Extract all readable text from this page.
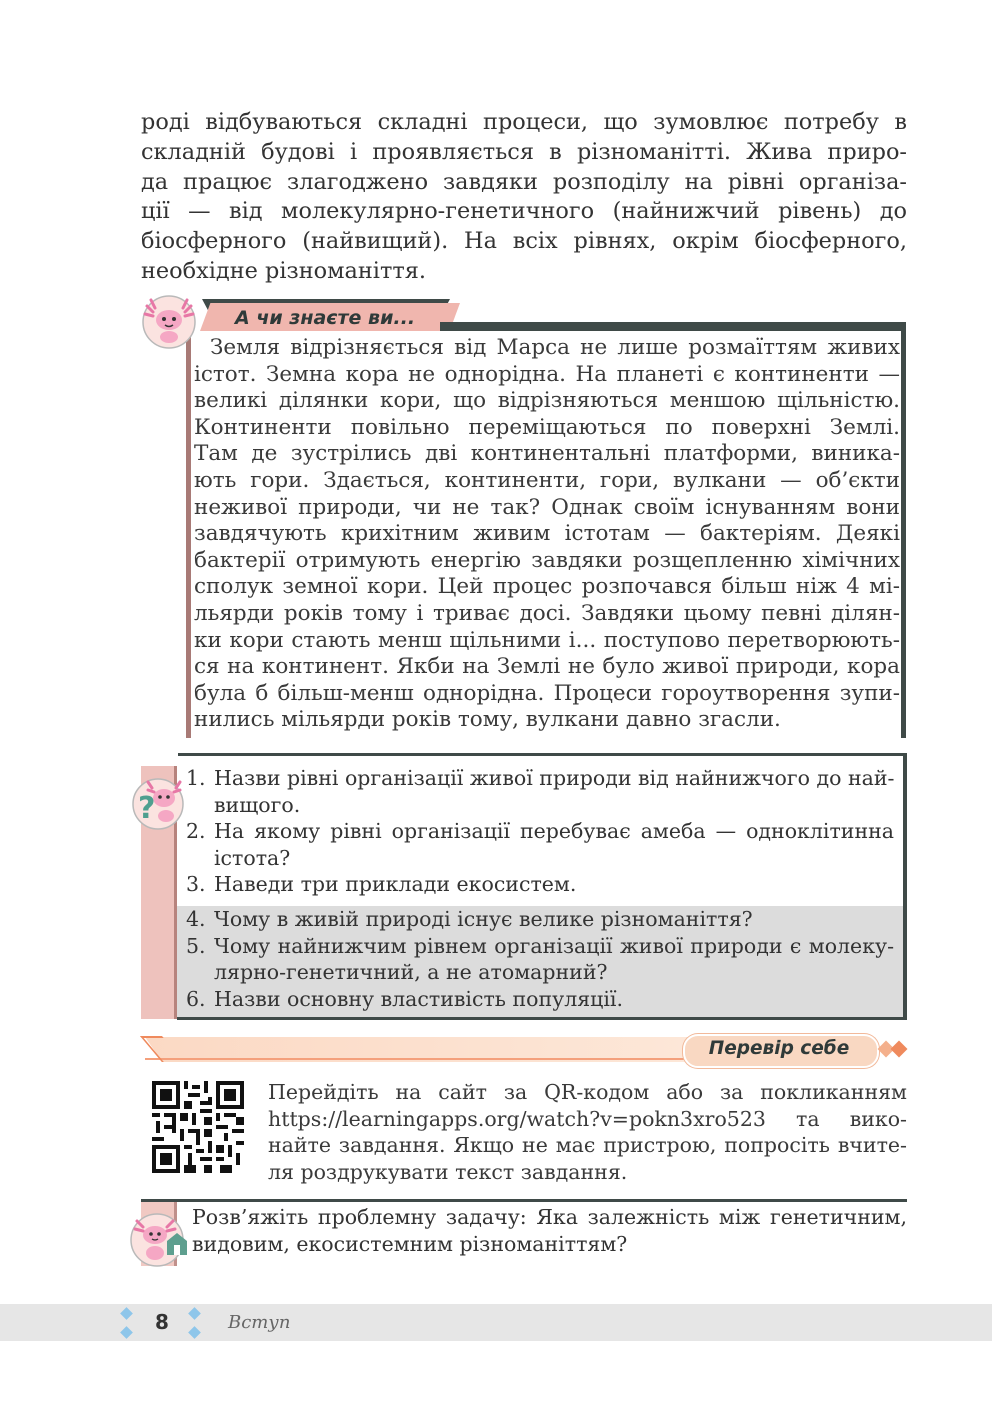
роді відбуваються складні процеси, що зумовлює потребу в
складній будові і проявляється в різноманітті. Жива приро-
да працює злагоджено завдяки розподілу на рівні організа-
ції — від молекулярно-генетичного (найнижчий рівень) до
біосферного (найвищий). На всіх рівнях, окрім біосферного,
необхідне різноманіття.
А чи знаєте ви...
Земля відрізняється від Марса не лише розмаїттям живих
істот. Земна кора не однорідна. На планеті є континенти —
великі ділянки кори, що відрізняються меншою щільністю.
Континенти повільно переміщаються по поверхні Землі.
Там де зустрілись дві континентальні платформи, виника-
ють гори. Здається, континенти, гори, вулкани — об’єкти
неживої природи, чи не так? Однак своїм існуванням вони
завдячують крихітним живим істотам — бактеріям. Деякі
бактерії отримують енергію завдяки розщепленню хімічних
сполук земної кори. Цей процес розпочався більш ніж 4 мі-
льярди років тому і триває досі. Завдяки цьому певні ділян-
ки кори стають менш щільними і... поступово перетворюють-
ся на континент. Якби на Землі не було живої природи, кора
була б більш-менш однорідна. Процеси гороутворення зупи-
нились мільярди років тому, вулкани давно згасли.
?
1. Назви рівні організації живої природи від найнижчого до най-
вищого.
2. На якому рівні організації перебуває амеба — одноклітинна
істота?
3. Наведи три приклади екосистем.
4. Чому в живій природі існує велике різноманіття?
5. Чому найнижчим рівнем організації живої природи є молеку-
лярно-генетичний, а не атомарний?
6. Назви основну властивість популяції.
Перевір себе
Перейдіть на сайт за QR-кодом або за покликанням
https://learningapps.org/watch?v=pokn3xro523 та вико-
найте завдання. Якщо не має пристрою, попросіть вчите-
ля роздрукувати текст завдання.
Розв’яжіть проблемну задачу: Яка залежність між генетичним,
видовим, екосистемним різноманіттям?
8	Вступ
